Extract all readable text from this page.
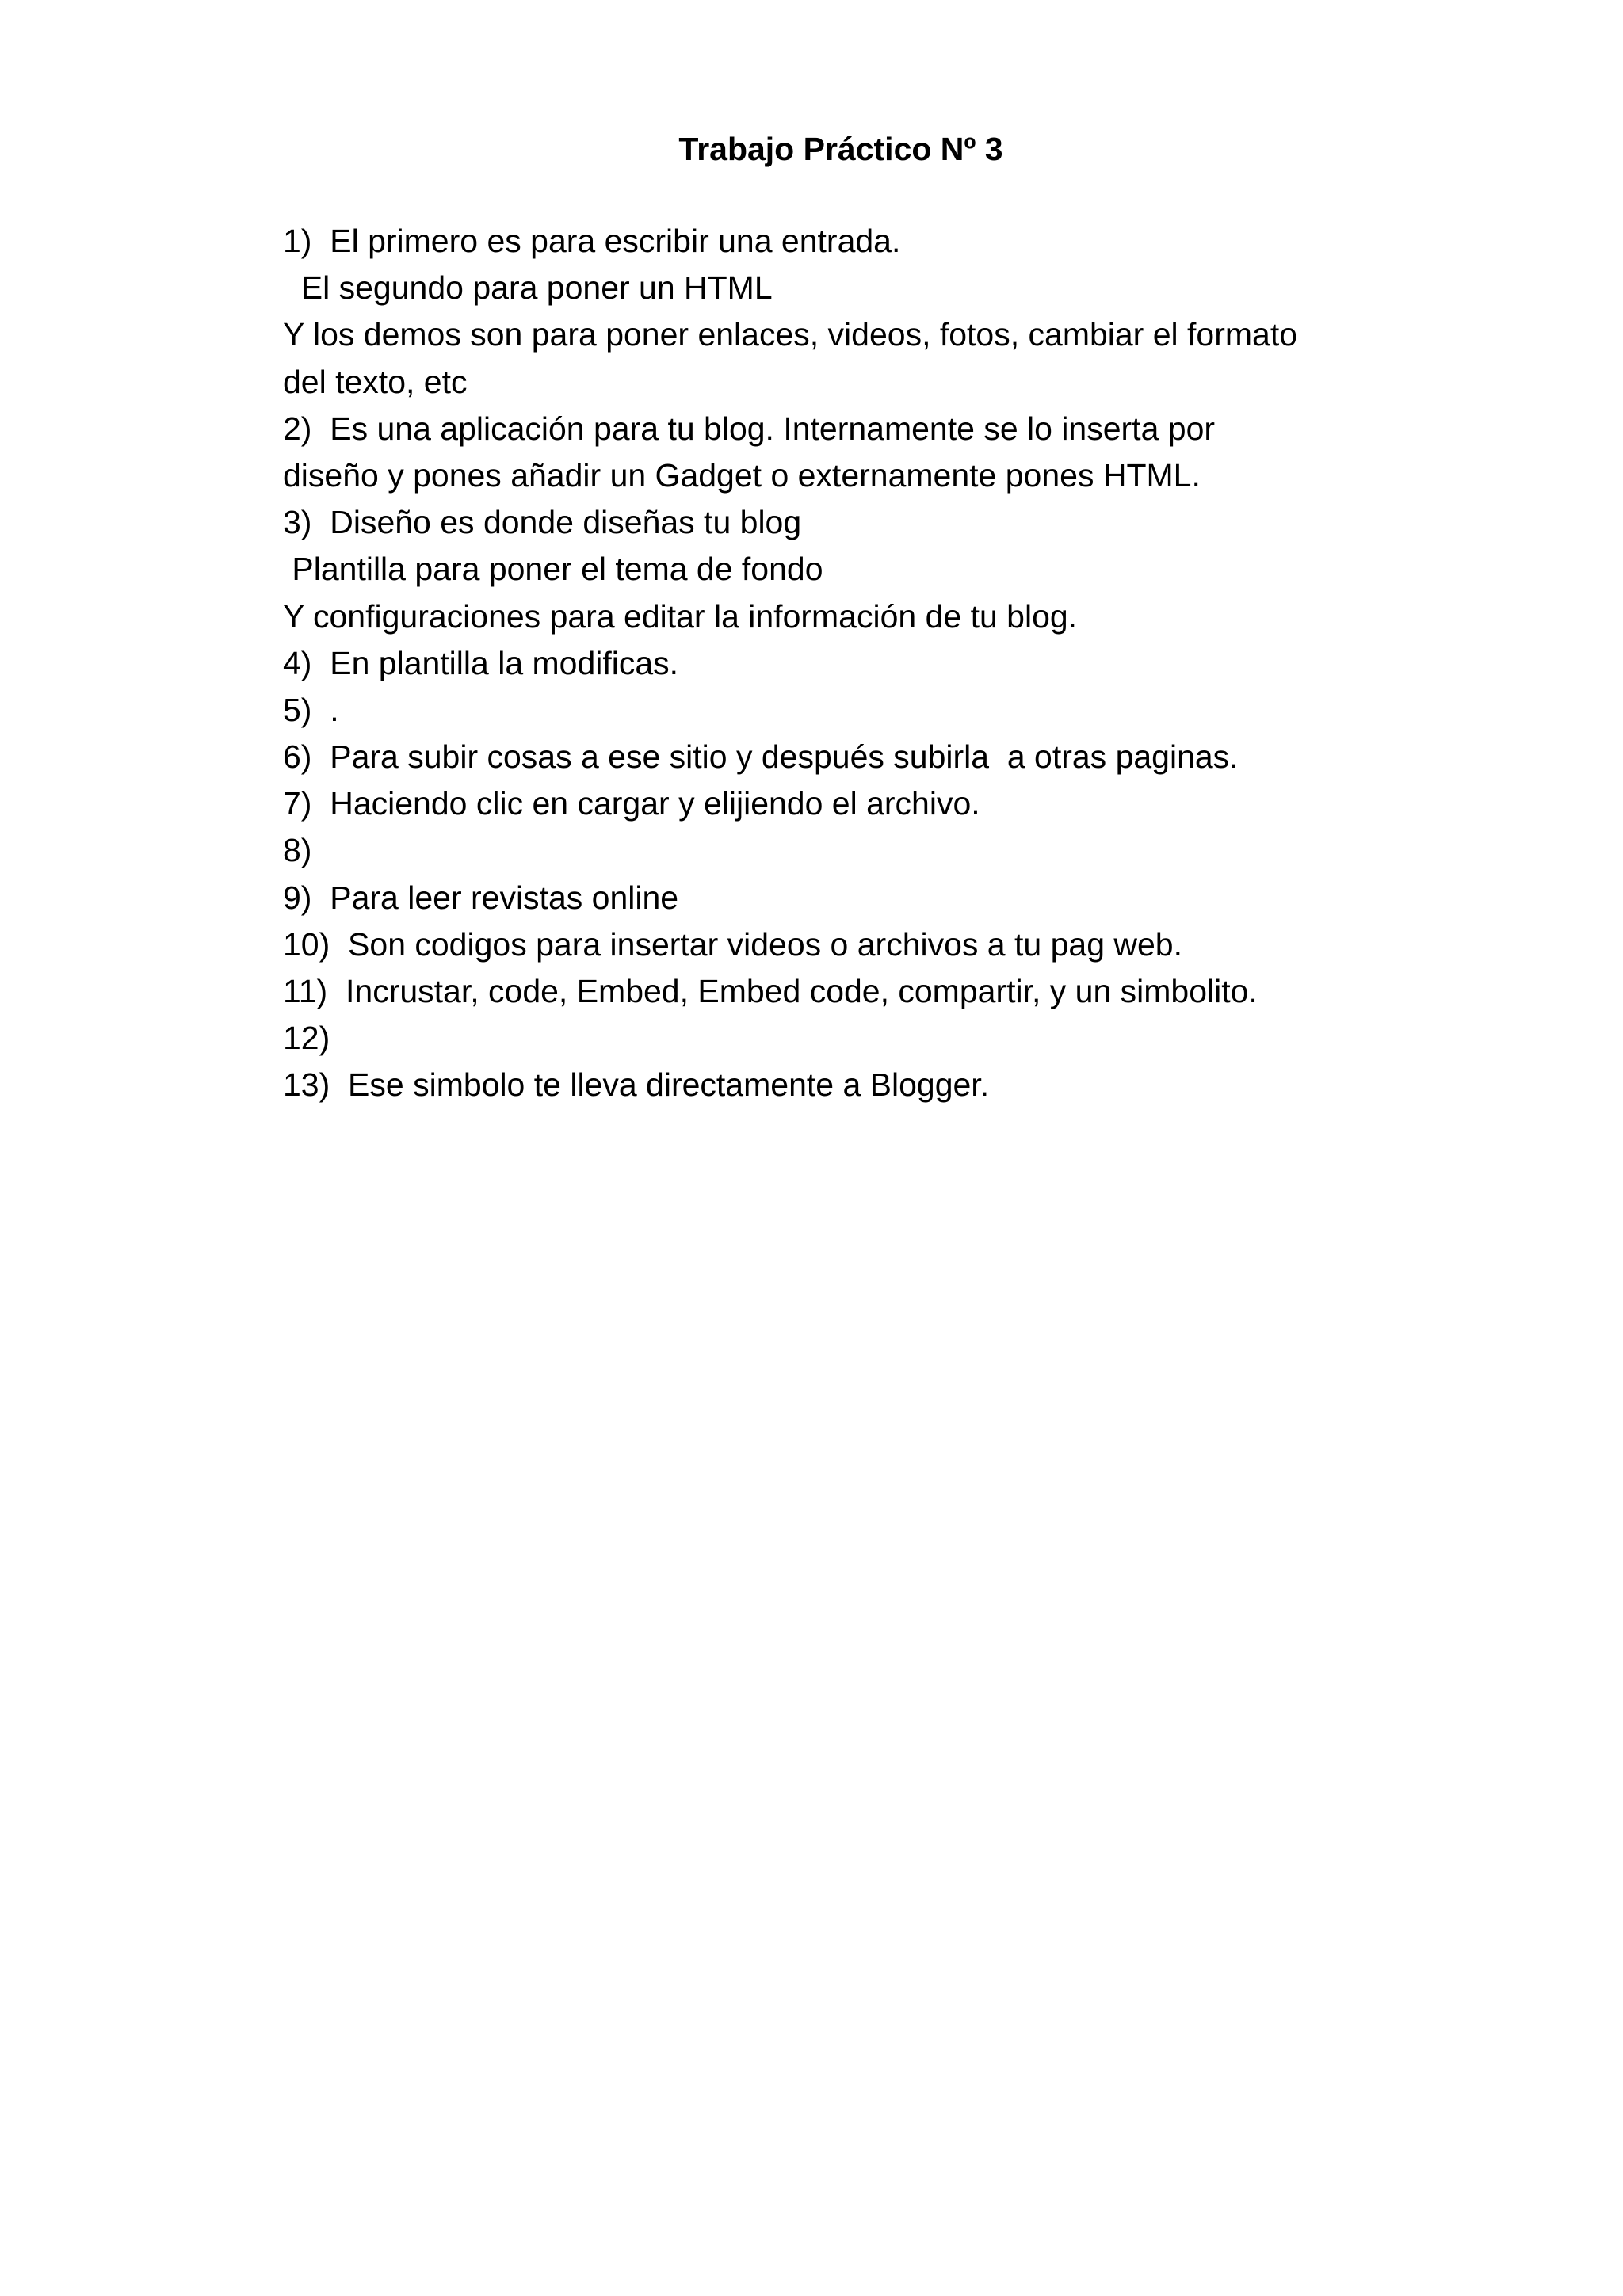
Trabajo Práctico Nº 3
1)  El primero es para escribir una entrada.
El segundo para poner un HTML
Y los demos son para poner enlaces, videos, fotos, cambiar el formato
del texto, etc
2)  Es una aplicación para tu blog. Internamente se lo inserta por
diseño y pones añadir un Gadget o externamente pones HTML.
3)  Diseño es donde diseñas tu blog
Plantilla para poner el tema de fondo
Y configuraciones para editar la información de tu blog.
4)  En plantilla la modificas.
5)  .
6)  Para subir cosas a ese sitio y después subirla  a otras paginas.
7)  Haciendo clic en cargar y elijiendo el archivo.
8)
9)  Para leer revistas online
10)  Son codigos para insertar videos o archivos a tu pag web.
11)  Incrustar, code, Embed, Embed code, compartir, y un simbolito.
12)
13)  Ese simbolo te lleva directamente a Blogger.
